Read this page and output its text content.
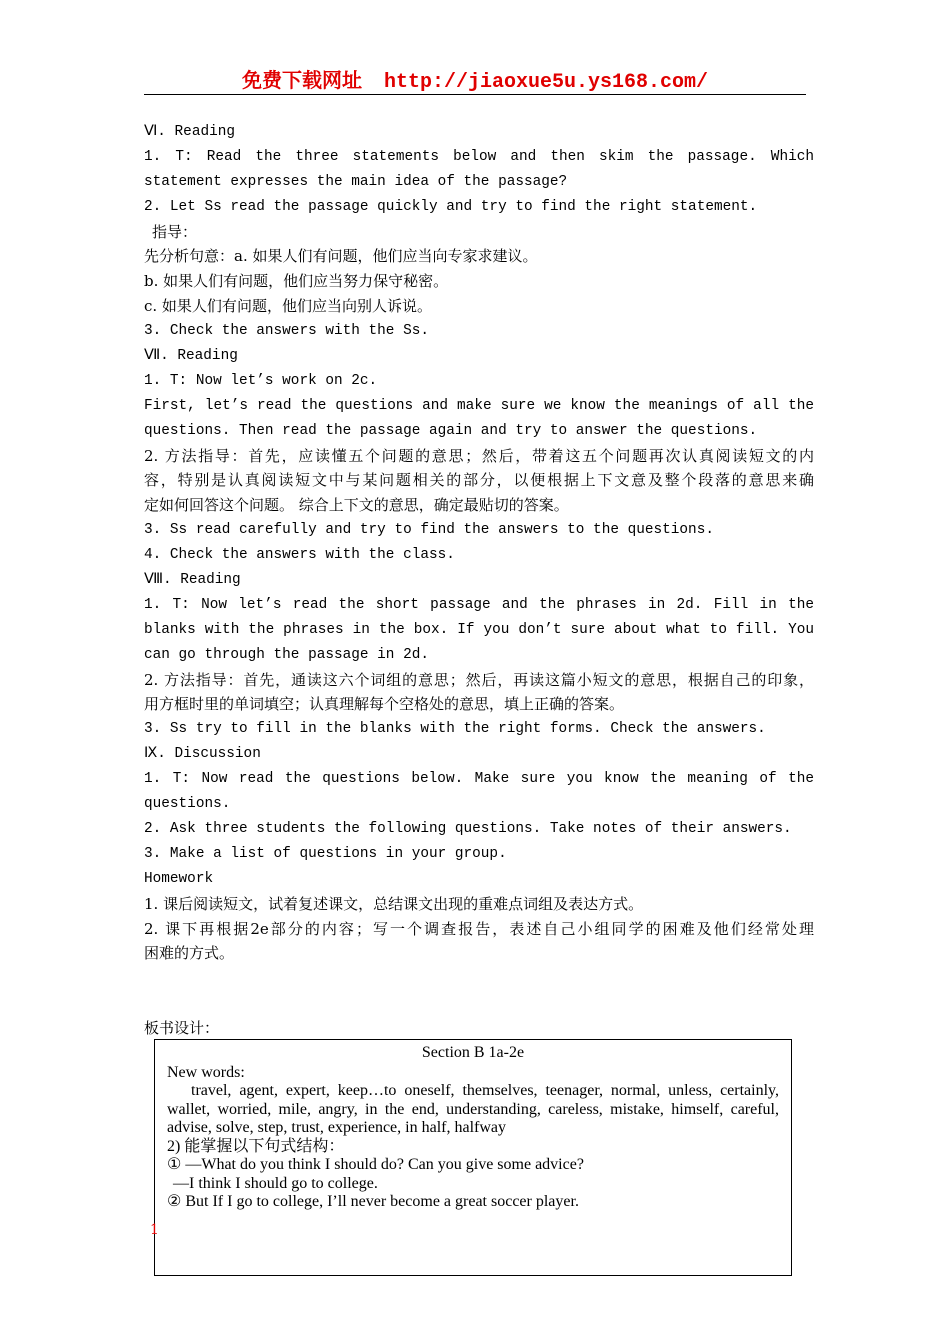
免费下载网址 http://jiaoxue5u.ys168.com/
Ⅵ. Reading
1. T: Read the three statements below and then skim the passage. Which
statement expresses the main idea of the passage?
2. Let Ss read the passage quickly and try to find the right statement.
指导：
先分析句意：a. 如果人们有问题，他们应当向专家求建议。
b. 如果人们有问题，他们应当努力保守秘密。
c. 如果人们有问题，他们应当向别人诉说。
3. Check the answers with the Ss.
Ⅶ. Reading
1. T: Now let’s work on 2c.
First, let’s read the questions and make sure we know the meanings of all the
questions. Then read the passage again and try to answer the questions.
2. 方法指导：首先，应读懂五个问题的意思；然后，带着这五个问题再次认真阅读短文的内
容，特别是认真阅读短文中与某问题相关的部分，以便根据上下文意及整个段落的意思来确
定如何回答这个问题。 综合上下文的意思，确定最贴切的答案。
3. Ss read carefully and try to find the answers to the questions.
4. Check the answers with the class.
Ⅷ. Reading
1. T: Now let’s read the short passage and the phrases in 2d. Fill in the
blanks with the phrases in the box. If you don’t sure about what to fill. You
can go through the passage in 2d.
2. 方法指导：首先，通读这六个词组的意思；然后，再读这篇小短文的意思，根据自己的印象，
用方框时里的单词填空；认真理解每个空格处的意思，填上正确的答案。
3. Ss try to fill in the blanks with the right forms. Check the answers.
Ⅸ. Discussion
1. T: Now read the questions below. Make sure you know the meaning of the
questions.
2. Ask three students the following questions. Take notes of their answers.
3. Make a list of questions in your group.
Homework
1. 课后阅读短文，试着复述课文，总结课文出现的重难点词组及表达方式。
2. 课下再根据2e部分的内容；写一个调查报告，表述自己小组同学的困难及他们经常处理
困难的方式。
板书设计：
Section B 1a-2e
New words:
travel, agent, expert, keep…to oneself, themselves, teenager, normal, unless, certainly, wallet, worried, mile, angry, in the end, understanding, careless, mistake, himself, careful, advise, solve, step, trust, experience, in half, halfway
2) 能掌握以下句式结构：
① —What do you think I should do? Can you give some advice?
—I think I should go to college.
② But If I go to college, I’ll never become a great soccer player.
1
